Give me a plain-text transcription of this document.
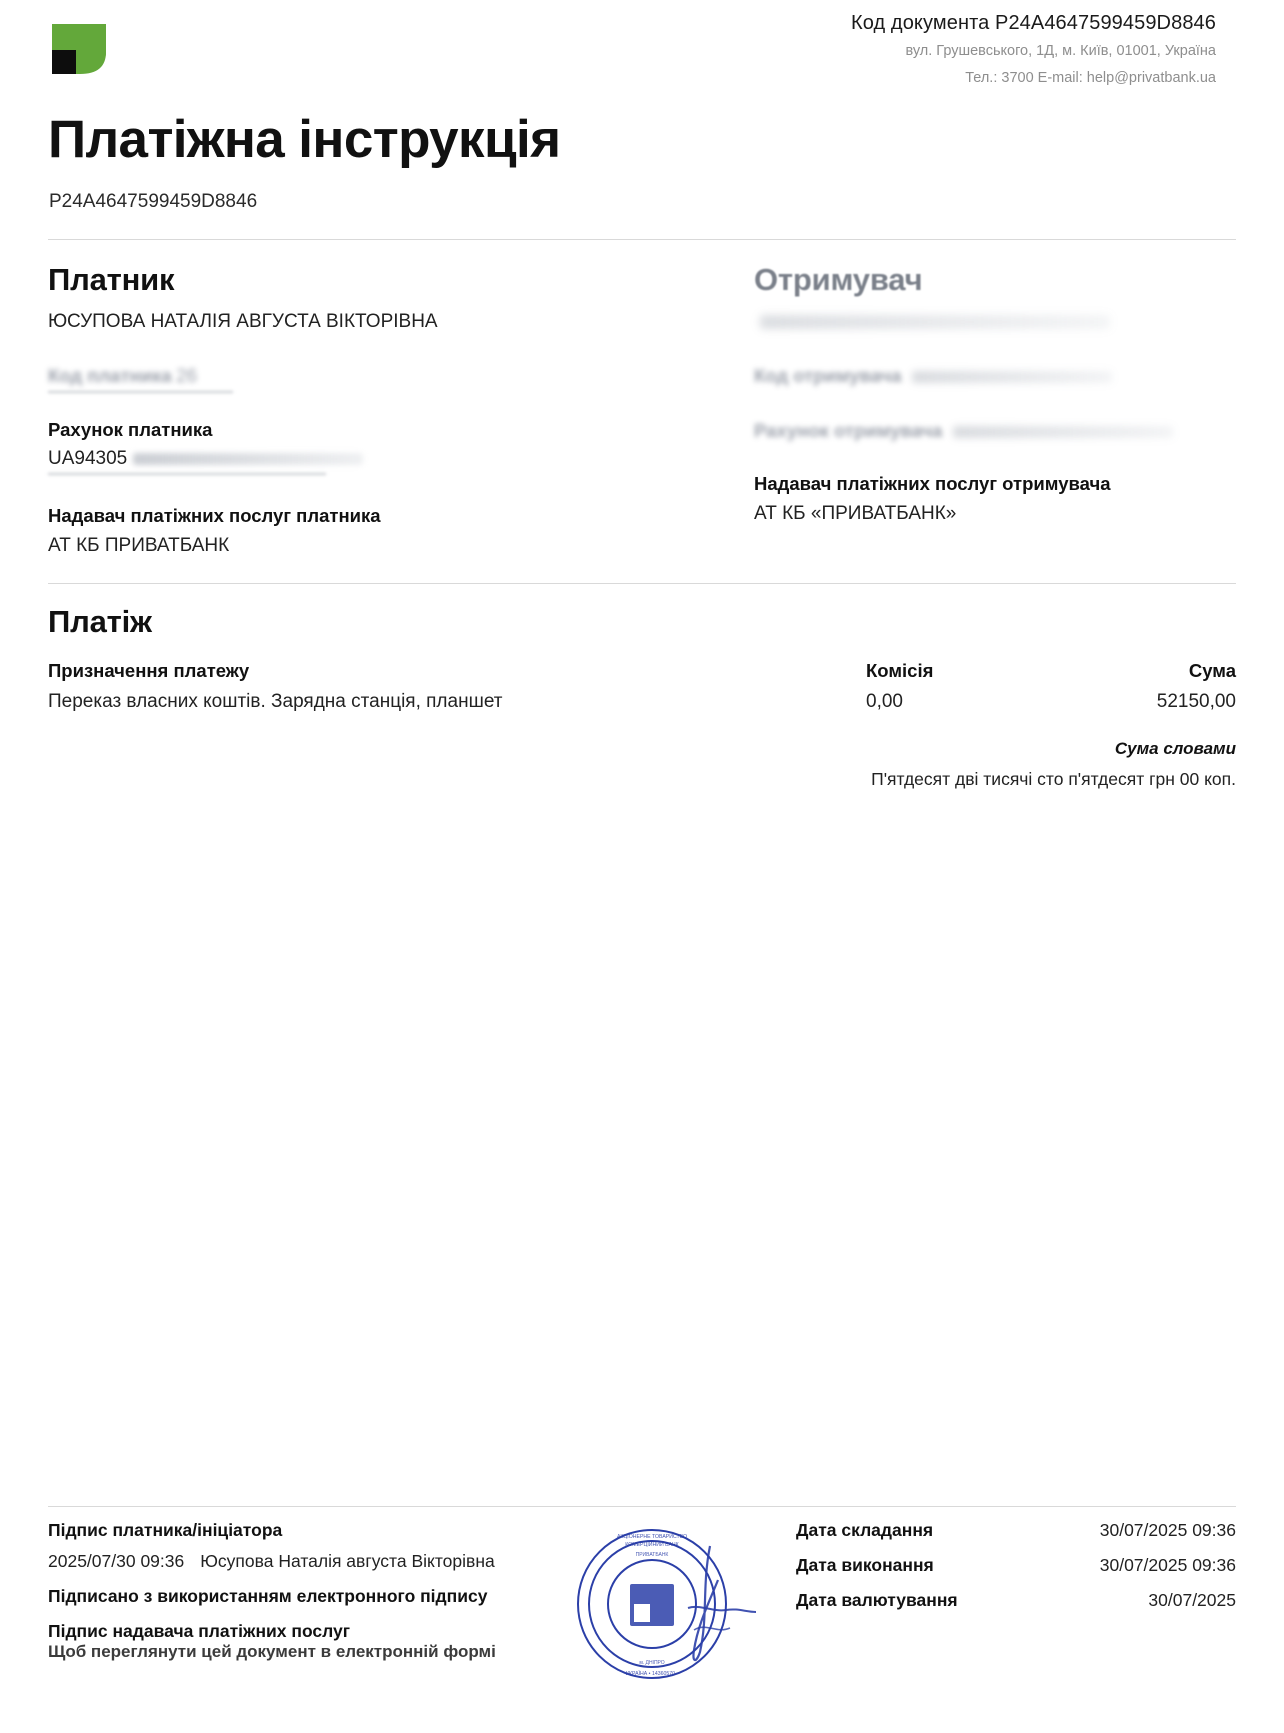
Код документа P24A4647599459D8846
вул. Грушевського, 1Д, м. Київ, 01001, Україна
Тел.: 3700 E-mail: help@privatbank.ua
Платіжна інструкція
P24A4647599459D8846
Платник
ЮСУПОВА НАТАЛІЯ АВГУСТА ВІКТОРІВНА
Код платника 26
Рахунок платника
UA94305
Надавач платіжних послуг платника
АТ КБ ПРИВАТБАНК
Отримувач
Код отримувача
Рахунок отримувача
Надавач платіжних послуг отримувача
АТ КБ «ПРИВАТБАНК»
Платіж
Призначення платежу	Комісія	Сума
Переказ власних коштів. Зарядна станція, планшет	0,00	52150,00
Сума словами
П'ятдесят дві тисячі сто п'ятдесят грн 00 коп.
Підпис платника/ініціатора
2025/07/30 09:36 Юсупова Наталія августа Вікторівна
Підписано з використанням електронного підпису
Підпис надавача платіжних послуг
АКЦІОНЕРНЕ ТОВАРИСТВО
КОМЕРЦІЙНИЙ БАНК
УКРАЇНА • 14360570 •
ПРИВАТБАНК
м. ДНІПРО
Дата складання	30/07/2025 09:36
Дата виконання	30/07/2025 09:36
Дата валютування	30/07/2025
Щоб переглянути цей документ в електронній формі
